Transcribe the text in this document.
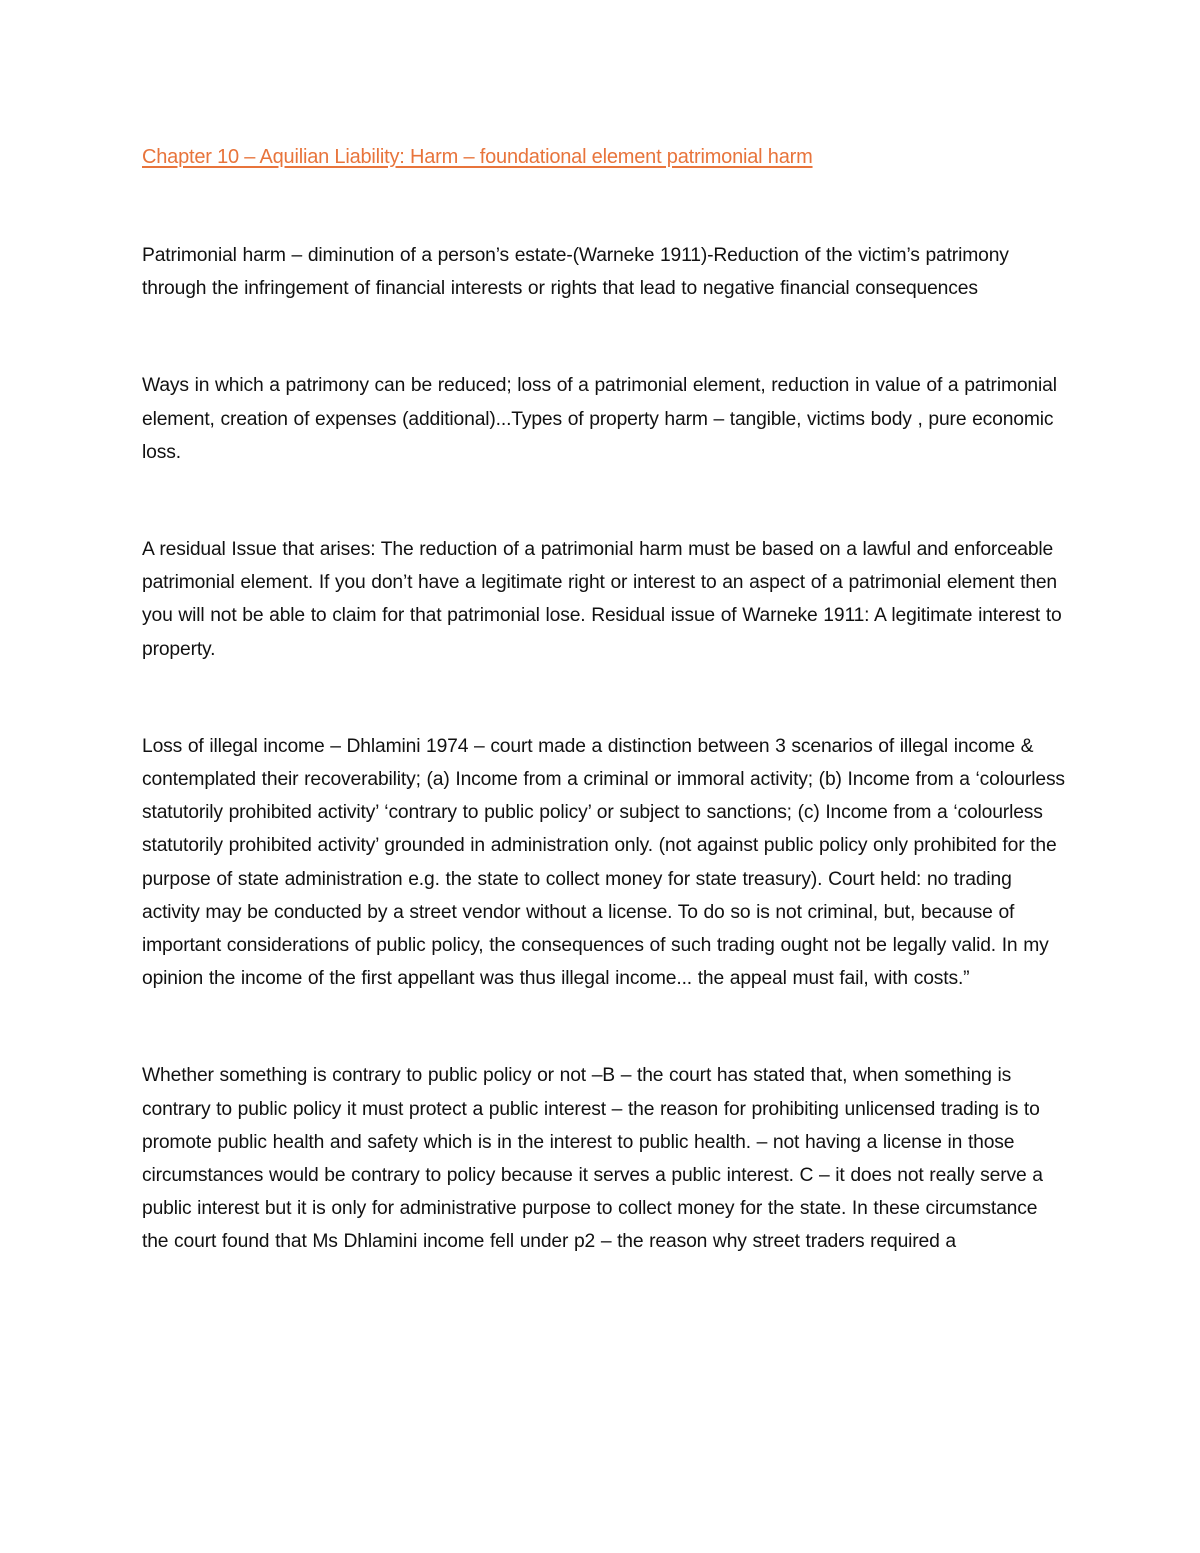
Chapter 10 – Aquilian Liability: Harm – foundational element patrimonial harm

Patrimonial harm – diminution of a person’s estate-(Warneke 1911)-Reduction of the victim’s patrimony through the infringement of financial interests or rights that lead to negative financial consequences

Ways in which a patrimony can be reduced; loss of a patrimonial element, reduction in value of a patrimonial element, creation of expenses (additional)...Types of property harm – tangible, victims body , pure economic loss.

A residual Issue that arises: The reduction of a patrimonial harm must be based on a lawful and enforceable patrimonial element. If you don’t have a legitimate right or interest to an aspect of a patrimonial element then you will not be able to claim for that patrimonial lose. Residual issue of Warneke 1911: A legitimate interest to property.

Loss of illegal income – Dhlamini 1974 – court made a distinction between 3 scenarios of illegal income & contemplated their recoverability; (a) Income from a criminal or immoral activity; (b) Income from a ‘colourless statutorily prohibited activity’ ‘contrary to public policy’ or subject to sanctions; (c) Income from a ‘colourless statutorily prohibited activity’ grounded in administration only. (not against public policy only prohibited for the purpose of state administration e.g. the state to collect money for state treasury). Court held: no trading activity may be conducted by a street vendor without a license. To do so is not criminal, but, because of important considerations of public policy, the consequences of such trading ought not be legally valid. In my opinion the income of the first appellant was thus illegal income... the appeal must fail, with costs.”

Whether something is contrary to public policy or not –B – the court has stated that, when something is contrary to public policy it must protect a public interest – the reason for prohibiting unlicensed trading is to promote public health and safety which is in the interest to public health. – not having a license in those circumstances would be contrary to policy because it serves a public interest. C – it does not really serve a public interest but it is only for administrative purpose to collect money for the state. In these circumstance the court found that Ms Dhlamini income fell under p2 – the reason why street traders required a
